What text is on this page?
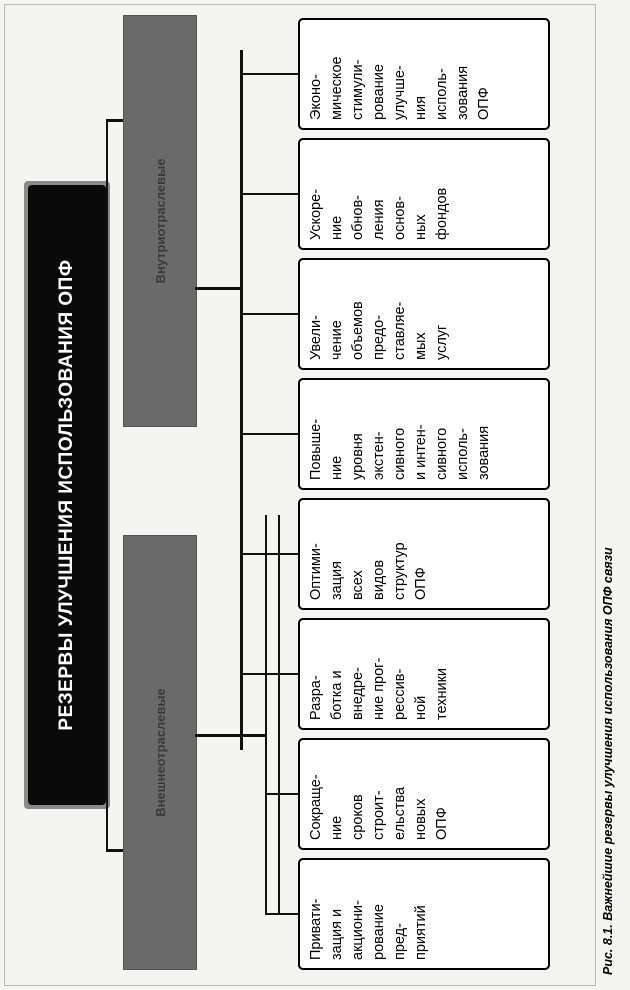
РЕЗЕРВЫ УЛУЧШЕНИЯ ИСПОЛЬЗОВАНИЯ ОПФ
Внешнеотраслевые
Внутриотраслевые
Привати-
зация и
акциони-
рование
пред-
приятий
Сокраще-
ние
сроков
строит-
ельства
новых
ОПФ
Разра-
ботка и
внедре-
ние прог-
рессив-
ной
техники
Оптими-
зация
всех
видов
структур
ОПФ
Повыше-
ние
уровня
экстен-
сивного
и интен-
сивного
исполь-
зования
Увели-
чение
объемов
предо-
ставляе-
мых
услуг
Ускоре-
ние
обнов-
ления
основ-
ных
фондов
Эконо-
мическое
стимули-
рование
улучше-
ния
исполь-
зования
ОПФ
Рис. 8.1. Важнейшие резервы улучшения использования ОПФ связи
